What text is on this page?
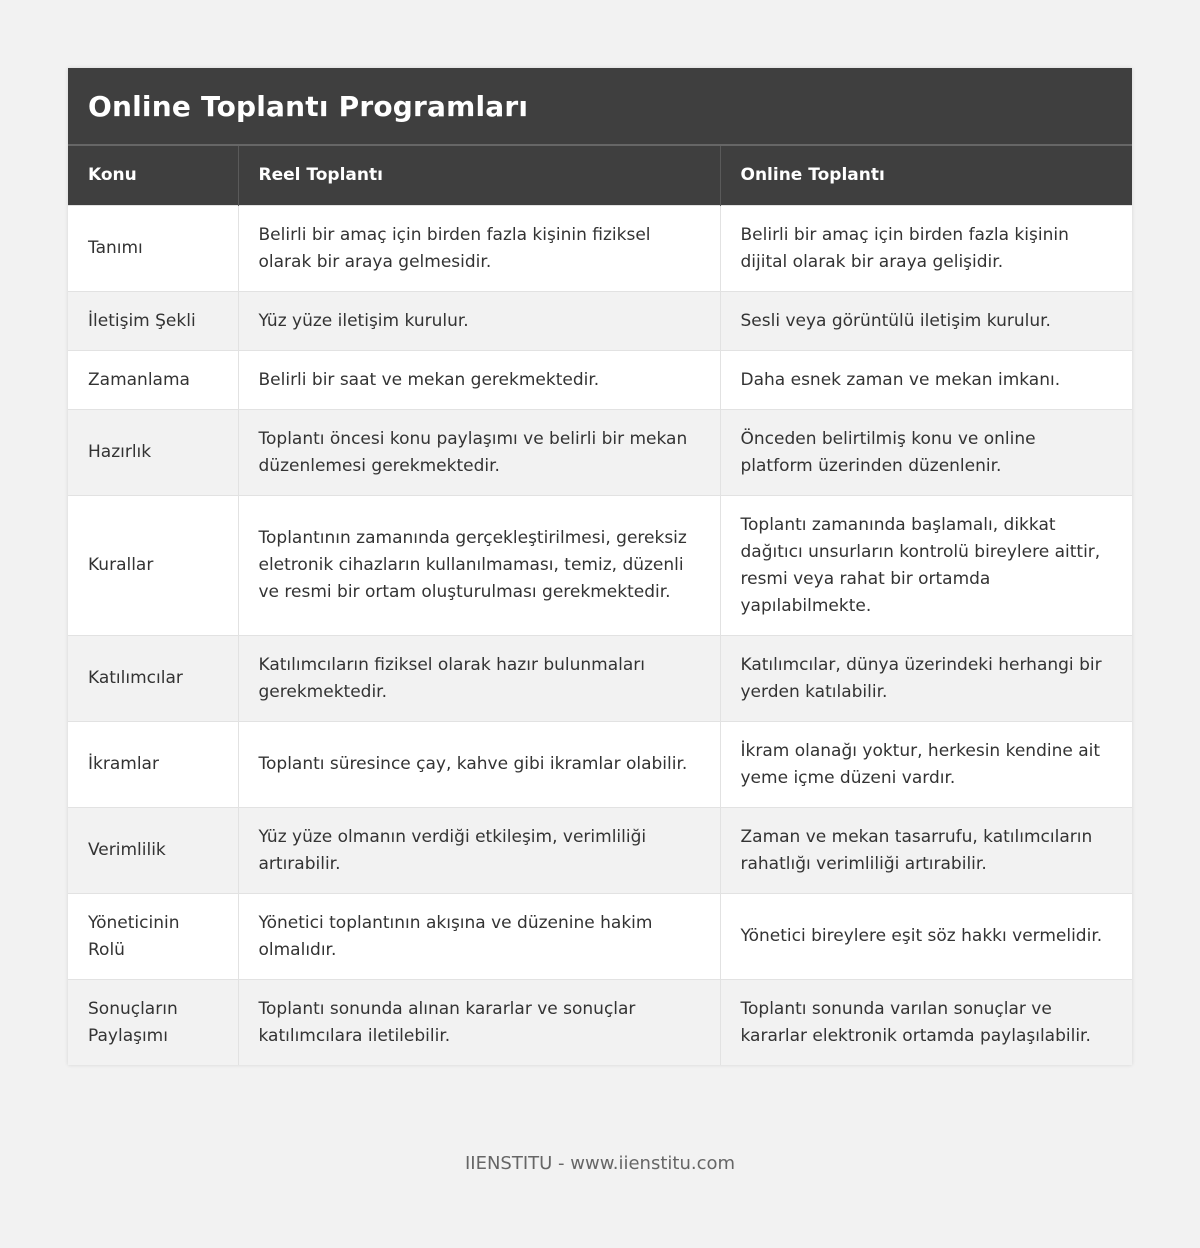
Online Toplantı Programları
Konu	Reel Toplantı	Online Toplantı
Tanımı	Belirli bir amaç için birden fazla kişinin fiziksel olarak bir araya gelmesidir.	Belirli bir amaç için birden fazla kişinin dijital olarak bir araya gelişidir.
İletişim Şekli	Yüz yüze iletişim kurulur.	Sesli veya görüntülü iletişim kurulur.
Zamanlama	Belirli bir saat ve mekan gerekmektedir.	Daha esnek zaman ve mekan imkanı.
Hazırlık	Toplantı öncesi konu paylaşımı ve belirli bir mekan düzenlemesi gerekmektedir.	Önceden belirtilmiş konu ve online platform üzerinden düzenlenir.
Kurallar	Toplantının zamanında gerçekleştirilmesi, gereksiz eletronik cihazların kullanılmaması, temiz, düzenli ve resmi bir ortam oluşturulması gerekmektedir.	Toplantı zamanında başlamalı, dikkat dağıtıcı unsurların kontrolü bireylere aittir, resmi veya rahat bir ortamda yapılabilmekte.
Katılımcılar	Katılımcıların fiziksel olarak hazır bulunmaları gerekmektedir.	Katılımcılar, dünya üzerindeki herhangi bir yerden katılabilir.
İkramlar	Toplantı süresince çay, kahve gibi ikramlar olabilir.	İkram olanağı yoktur, herkesin kendine ait yeme içme düzeni vardır.
Verimlilik	Yüz yüze olmanın verdiği etkileşim, verimliliği artırabilir.	Zaman ve mekan tasarrufu, katılımcıların rahatlığı verimliliği artırabilir.
Yöneticinin Rolü	Yönetici toplantının akışına ve düzenine hakim olmalıdır.	Yönetici bireylere eşit söz hakkı vermelidir.
Sonuçların Paylaşımı	Toplantı sonunda alınan kararlar ve sonuçlar katılımcılara iletilebilir.	Toplantı sonunda varılan sonuçlar ve kararlar elektronik ortamda paylaşılabilir.
IIENSTITU - www.iienstitu.com
